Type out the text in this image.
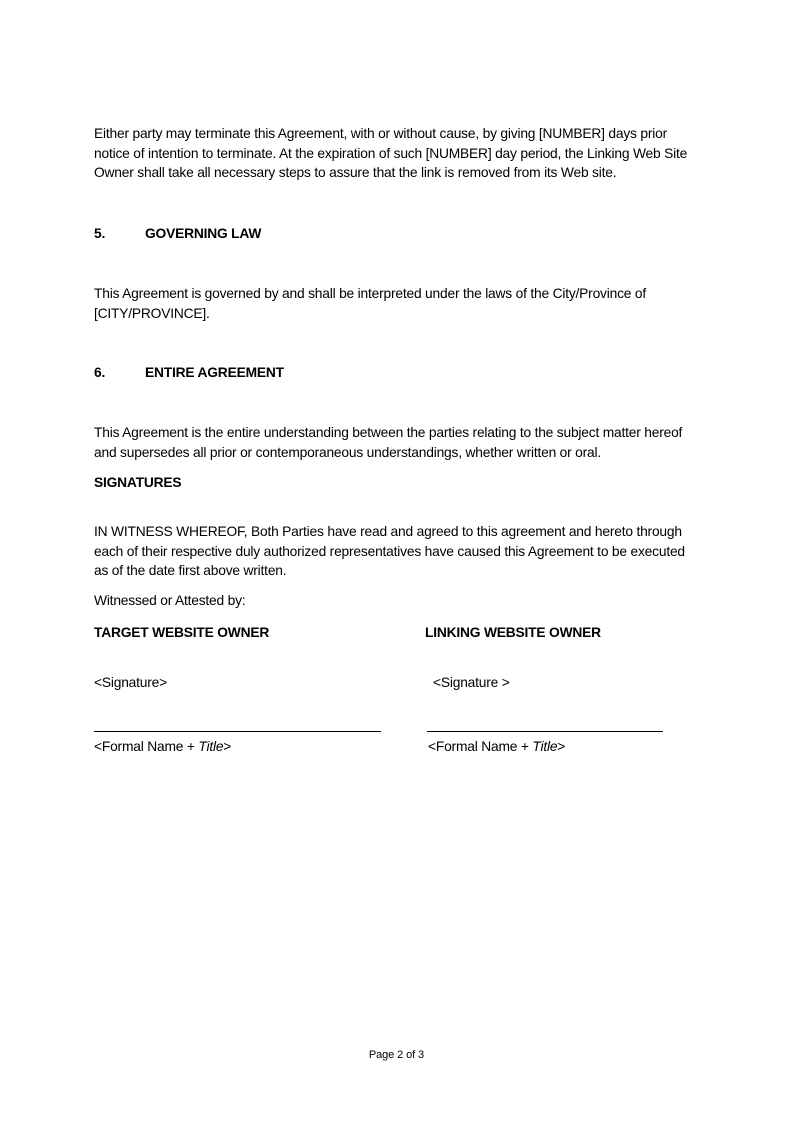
Either party may terminate this Agreement, with or without cause, by giving [NUMBER] days prior notice of intention to terminate. At the expiration of such [NUMBER] day period, the Linking Web Site Owner shall take all necessary steps to assure that the link is removed from its Web site.

5.	GOVERNING LAW

This Agreement is governed by and shall be interpreted under the laws of the City/Province of [CITY/PROVINCE].

6.	ENTIRE AGREEMENT

This Agreement is the entire understanding between the parties relating to the subject matter hereof and supersedes all prior or contemporaneous understandings, whether written or oral.

SIGNATURES

IN WITNESS WHEREOF, Both Parties have read and agreed to this agreement and hereto through each of their respective duly authorized representatives have caused this Agreement to be executed as of the date first above written.

Witnessed or Attested by:

TARGET WEBSITE OWNER
<Signature>
<Formal Name + Title>
LINKING WEBSITE OWNER
<Signature >
<Formal Name + Title>
Page 2 of 3
